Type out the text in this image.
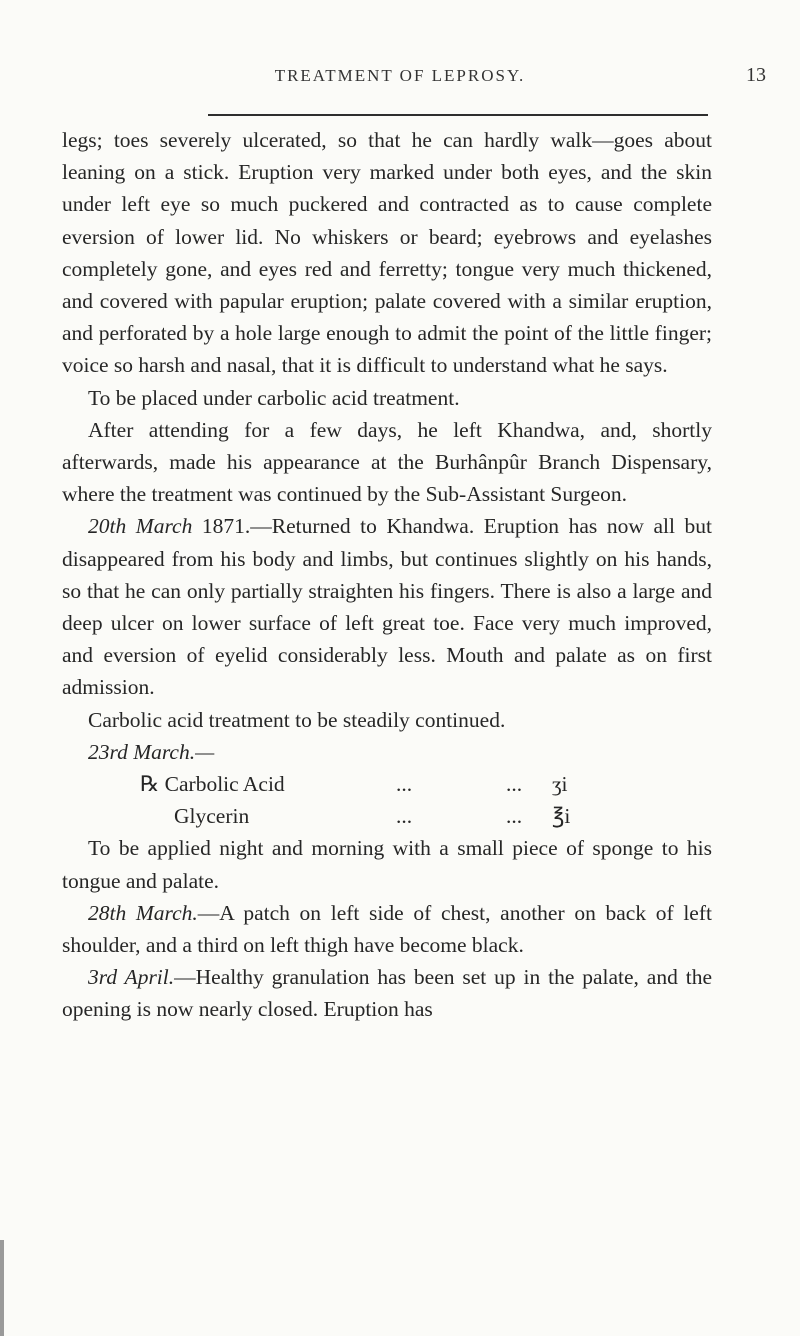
TREATMENT OF LEPROSY.	13

legs; toes severely ulcerated, so that he can hardly walk—goes about leaning on a stick. Eruption very marked under both eyes, and the skin under left eye so much puckered and contracted as to cause complete eversion of lower lid. No whiskers or beard; eyebrows and eyelashes completely gone, and eyes red and ferretty; tongue very much thickened, and covered with papular eruption; palate covered with a similar eruption, and perforated by a hole large enough to admit the point of the little finger; voice so harsh and nasal, that it is difficult to understand what he says.

To be placed under carbolic acid treatment.

After attending for a few days, he left Khandwa, and, shortly afterwards, made his appearance at the Burhânpûr Branch Dispensary, where the treatment was continued by the Sub-Assistant Surgeon.

20th March 1871.—Returned to Khandwa. Eruption has now all but disappeared from his body and limbs, but continues slightly on his hands, so that he can only partially straighten his fingers. There is also a large and deep ulcer on lower surface of left great toe. Face very much improved, and eversion of eyelid considerably less. Mouth and palate as on first admission.

Carbolic acid treatment to be steadily continued.

23rd March.—

℞ Carbolic Acid	...	...	ʒi
Glycerin	...	...	℥i

To be applied night and morning with a small piece of sponge to his tongue and palate.

28th March.—A patch on left side of chest, another on back of left shoulder, and a third on left thigh have become black.

3rd April.—Healthy granulation has been set up in the palate, and the opening is now nearly closed. Eruption has
